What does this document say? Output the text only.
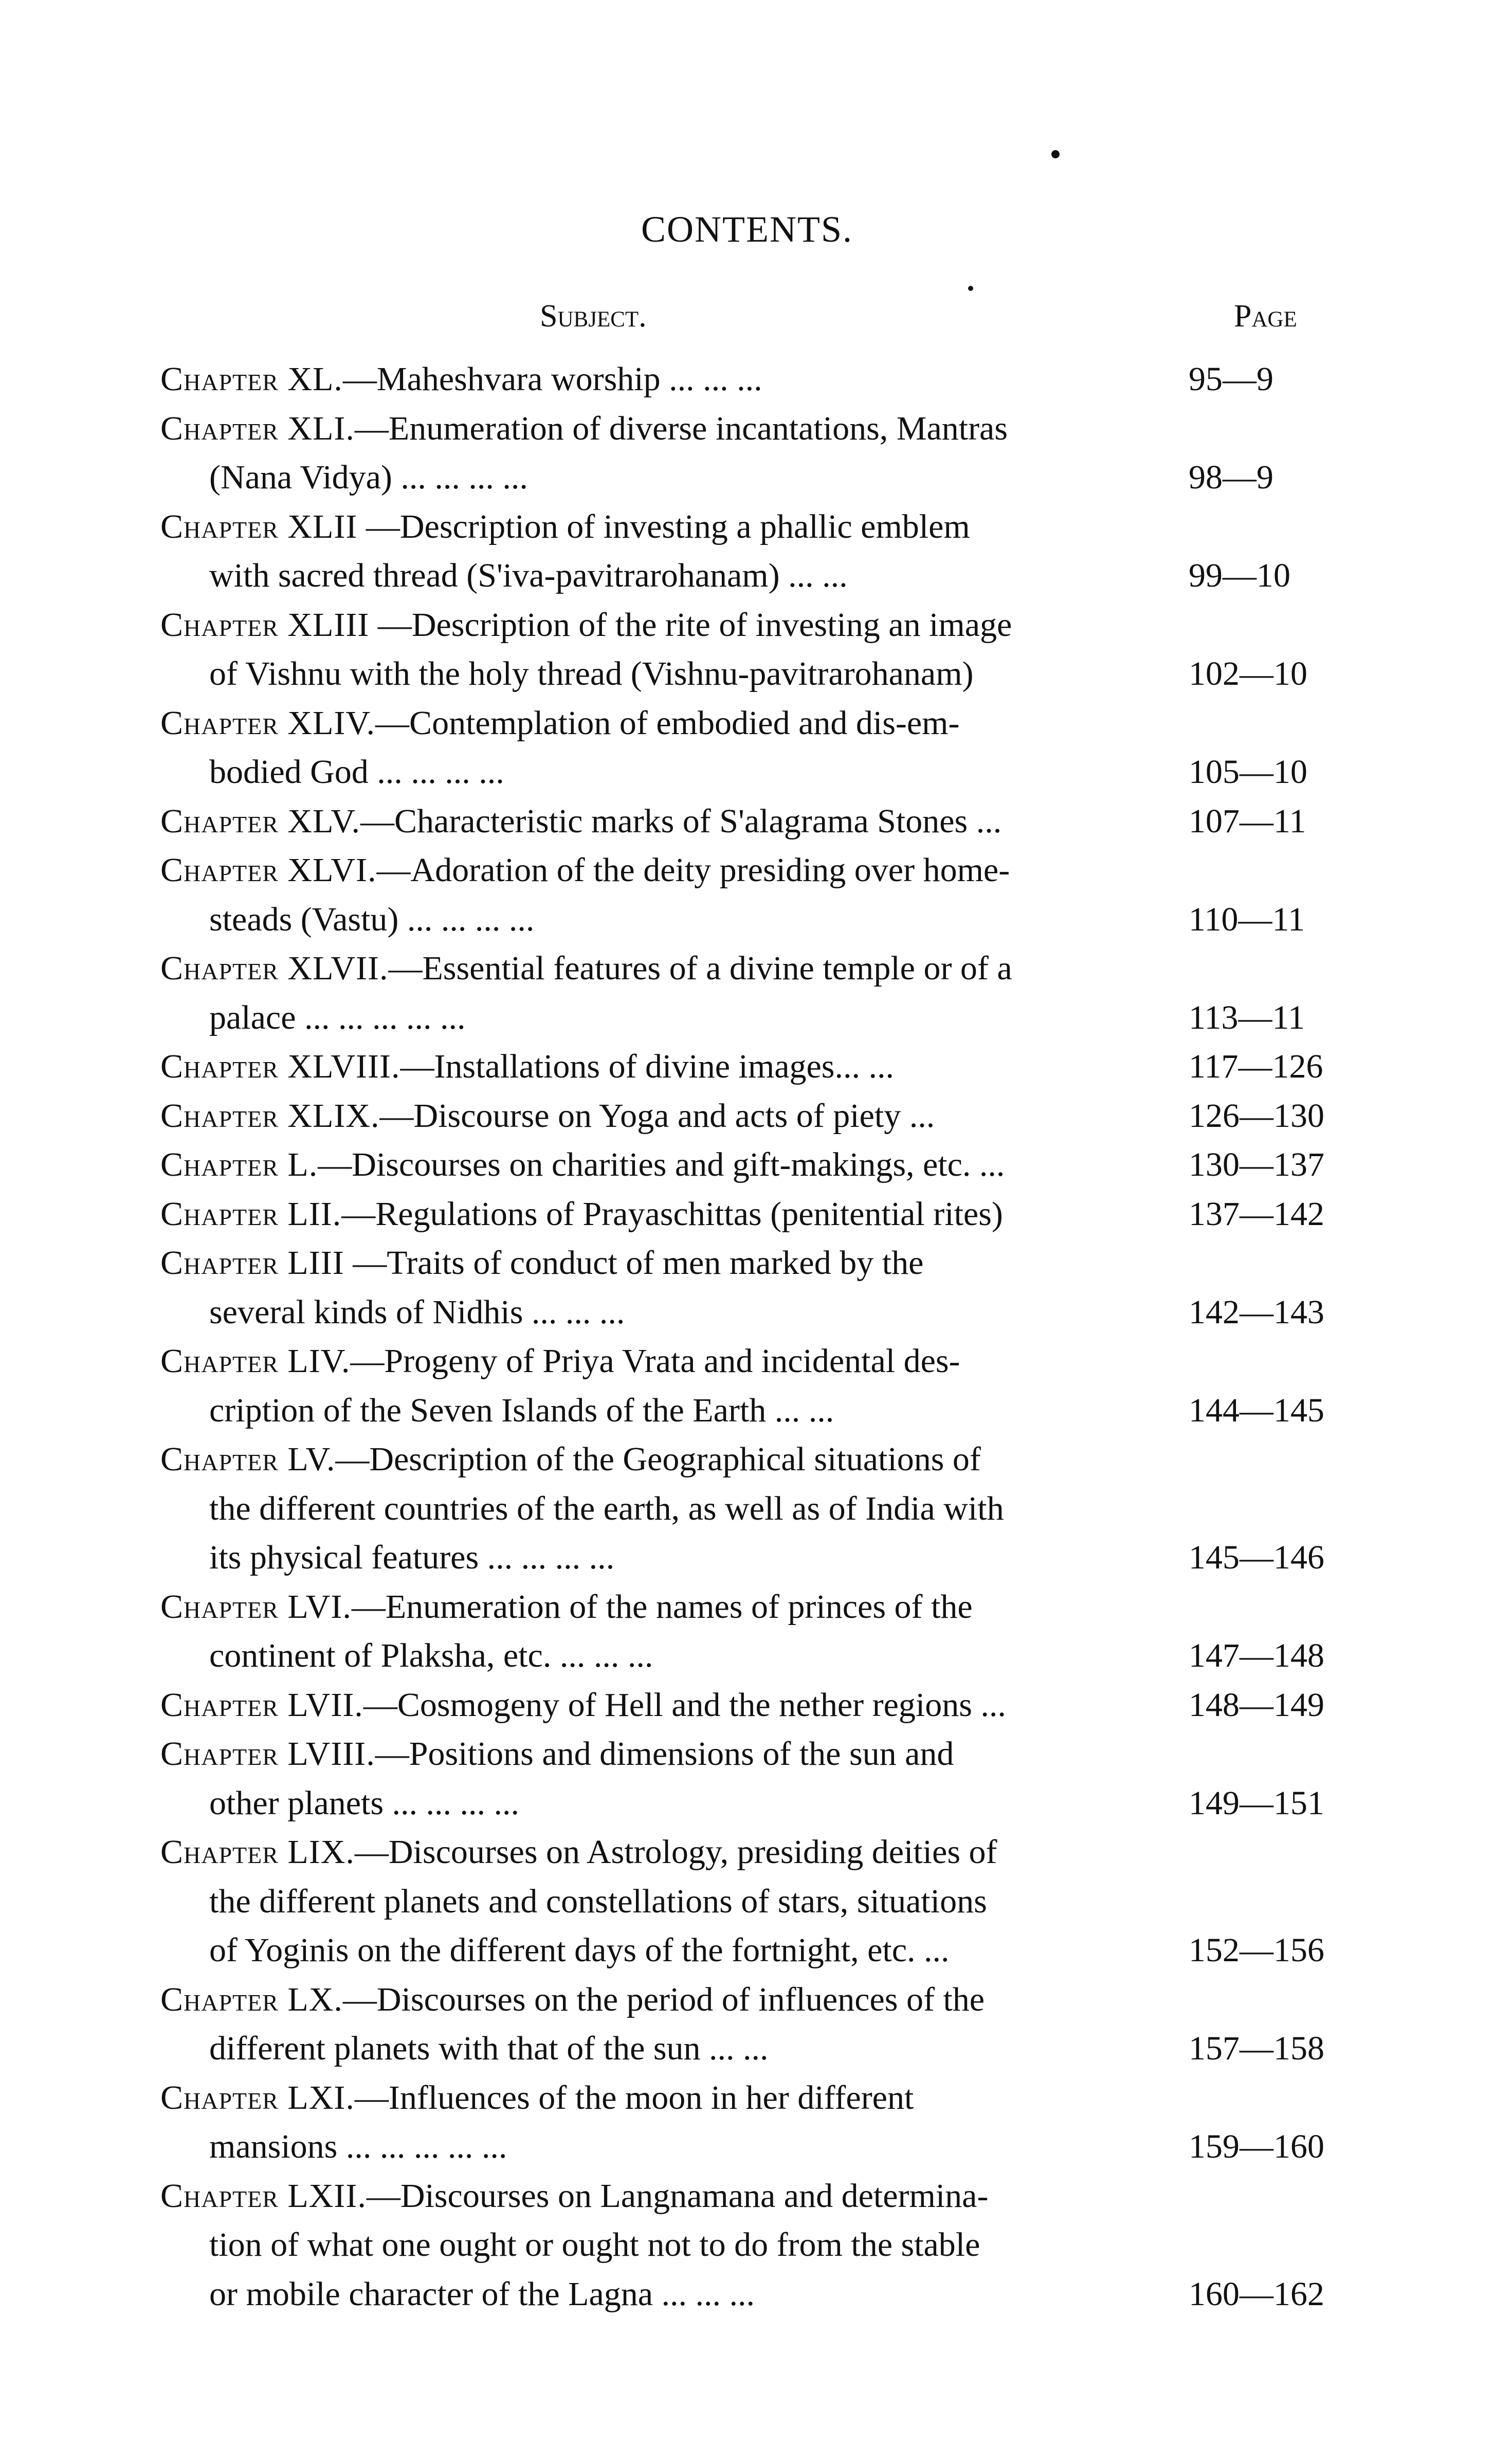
CONTENTS.
Subject.	Page
Chapter XL.—Maheshvara worship ... ... ...	95—9
Chapter XLI.—Enumeration of diverse incantations, Mantras
(Nana Vidya) ... ... ... ...	98—9
Chapter XLII —Description of investing a phallic emblem
with sacred thread (S'iva-pavitrarohanam) ... ...	99—10
Chapter XLIII —Description of the rite of investing an image
of Vishnu with the holy thread (Vishnu-pavitrarohanam)	102—10
Chapter XLIV.—Contemplation of embodied and dis-em-
bodied God ... ... ... ...	105—10
Chapter XLV.—Characteristic marks of S'alagrama Stones ...	107—11
Chapter XLVI.—Adoration of the deity presiding over home-
steads (Vastu) ... ... ... ...	110—11
Chapter XLVII.—Essential features of a divine temple or of a
palace ... ... ... ... ...	113—11
Chapter XLVIII.—Installations of divine images... ...	117—126
Chapter XLIX.—Discourse on Yoga and acts of piety ...	126—130
Chapter L.—Discourses on charities and gift-makings, etc. ...	130—137
Chapter LII.—Regulations of Prayaschittas (penitential rites)	137—142
Chapter LIII —Traits of conduct of men marked by the
several kinds of Nidhis ... ... ...	142—143
Chapter LIV.—Progeny of Priya Vrata and incidental des-
cription of the Seven Islands of the Earth ... ...	144—145
Chapter LV.—Description of the Geographical situations of
the different countries of the earth, as well as of India with
its physical features ... ... ... ...	145—146
Chapter LVI.—Enumeration of the names of princes of the
continent of Plaksha, etc. ... ... ...	147—148
Chapter LVII.—Cosmogeny of Hell and the nether regions ...	148—149
Chapter LVIII.—Positions and dimensions of the sun and
other planets ... ... ... ...	149—151
Chapter LIX.—Discourses on Astrology, presiding deities of
the different planets and constellations of stars, situations
of Yoginis on the different days of the fortnight, etc. ...	152—156
Chapter LX.—Discourses on the period of influences of the
different planets with that of the sun ... ...	157—158
Chapter LXI.—Influences of the moon in her different
mansions ... ... ... ... ...	159—160
Chapter LXII.—Discourses on Langnamana and determina-
tion of what one ought or ought not to do from the stable
or mobile character of the Lagna ... ... ...	160—162
